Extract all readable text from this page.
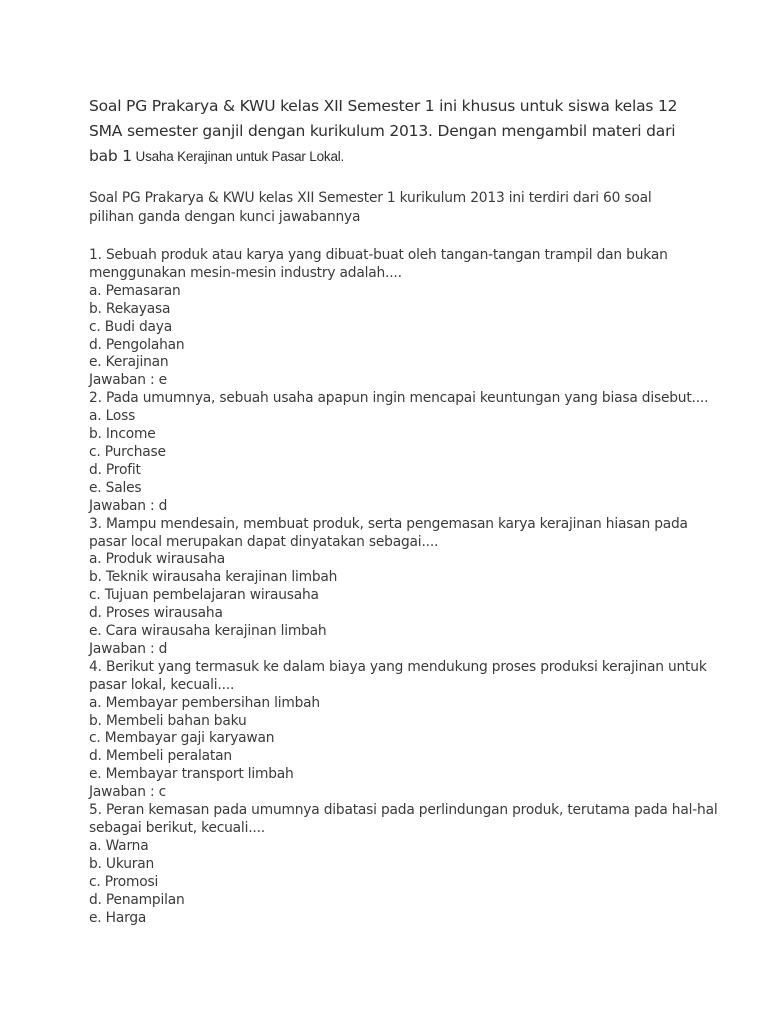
Soal PG Prakarya & KWU kelas XII Semester 1 ini khusus untuk siswa kelas 12 SMA semester ganjil dengan kurikulum 2013. Dengan mengambil materi dari bab 1 Usaha Kerajinan untuk Pasar Lokal.

Soal PG Prakarya & KWU kelas XII Semester 1 kurikulum 2013 ini terdiri dari 60 soal pilihan ganda dengan kunci jawabannya

1. Sebuah produk atau karya yang dibuat-buat oleh tangan-tangan trampil dan bukan
menggunakan mesin-mesin industry adalah....
a. Pemasaran
b. Rekayasa
c. Budi daya
d. Pengolahan
e. Kerajinan
Jawaban : e
2. Pada umumnya, sebuah usaha apapun ingin mencapai keuntungan yang biasa disebut....
a. Loss
b. Income
c. Purchase
d. Profit
e. Sales
Jawaban : d
3. Mampu mendesain, membuat produk, serta pengemasan karya kerajinan hiasan pada
pasar local merupakan dapat dinyatakan sebagai....
a. Produk wirausaha
b. Teknik wirausaha kerajinan limbah
c. Tujuan pembelajaran wirausaha
d. Proses wirausaha
e. Cara wirausaha kerajinan limbah
Jawaban : d
4. Berikut yang termasuk ke dalam biaya yang mendukung proses produksi kerajinan untuk
pasar lokal, kecuali....
a. Membayar pembersihan limbah
b. Membeli bahan baku
c. Membayar gaji karyawan
d. Membeli peralatan
e. Membayar transport limbah
Jawaban : c
5. Peran kemasan pada umumnya dibatasi pada perlindungan produk, terutama pada hal-hal
sebagai berikut, kecuali....
a. Warna
b. Ukuran
c. Promosi
d. Penampilan
e. Harga
